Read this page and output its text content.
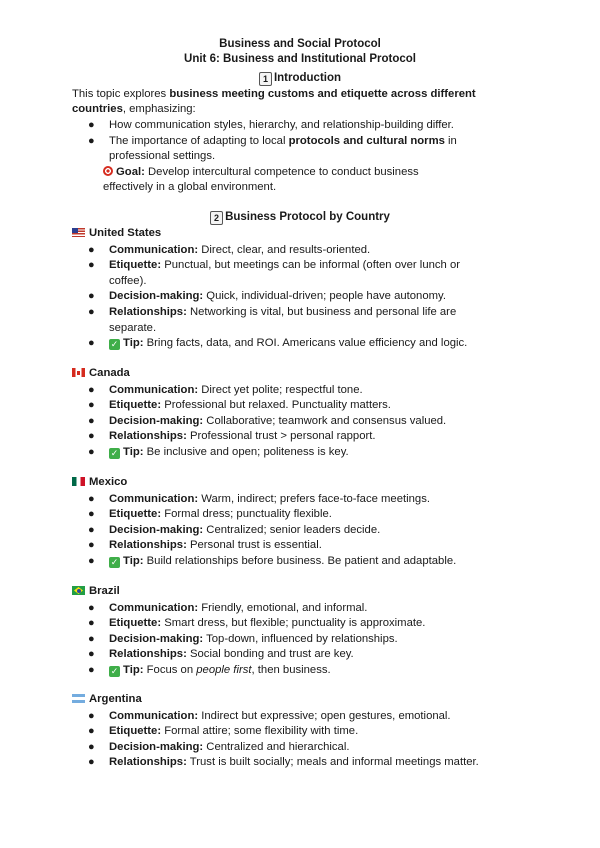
Business and Social Protocol
Unit 6: Business and Institutional Protocol
1 Introduction
This topic explores business meeting customs and etiquette across different
countries, emphasizing:
● How communication styles, hierarchy, and relationship-building differ.
● The importance of adapting to local protocols and cultural norms in
professional settings.
Goal: Develop intercultural competence to conduct business
effectively in a global environment.
2 Business Protocol by Country
United States
● Communication: Direct, clear, and results-oriented.
● Etiquette: Punctual, but meetings can be informal (often over lunch or
coffee).
● Decision-making: Quick, individual-driven; people have autonomy.
● Relationships: Networking is vital, but business and personal life are
separate.
● ✓ Tip: Bring facts, data, and ROI. Americans value efficiency and logic.
Canada
● Communication: Direct yet polite; respectful tone.
● Etiquette: Professional but relaxed. Punctuality matters.
● Decision-making: Collaborative; teamwork and consensus valued.
● Relationships: Professional trust > personal rapport.
● ✓ Tip: Be inclusive and open; politeness is key.
Mexico
● Communication: Warm, indirect; prefers face-to-face meetings.
● Etiquette: Formal dress; punctuality flexible.
● Decision-making: Centralized; senior leaders decide.
● Relationships: Personal trust is essential.
● ✓ Tip: Build relationships before business. Be patient and adaptable.
Brazil
● Communication: Friendly, emotional, and informal.
● Etiquette: Smart dress, but flexible; punctuality is approximate.
● Decision-making: Top-down, influenced by relationships.
● Relationships: Social bonding and trust are key.
● ✓ Tip: Focus on people first, then business.
Argentina
● Communication: Indirect but expressive; open gestures, emotional.
● Etiquette: Formal attire; some flexibility with time.
● Decision-making: Centralized and hierarchical.
● Relationships: Trust is built socially; meals and informal meetings matter.
